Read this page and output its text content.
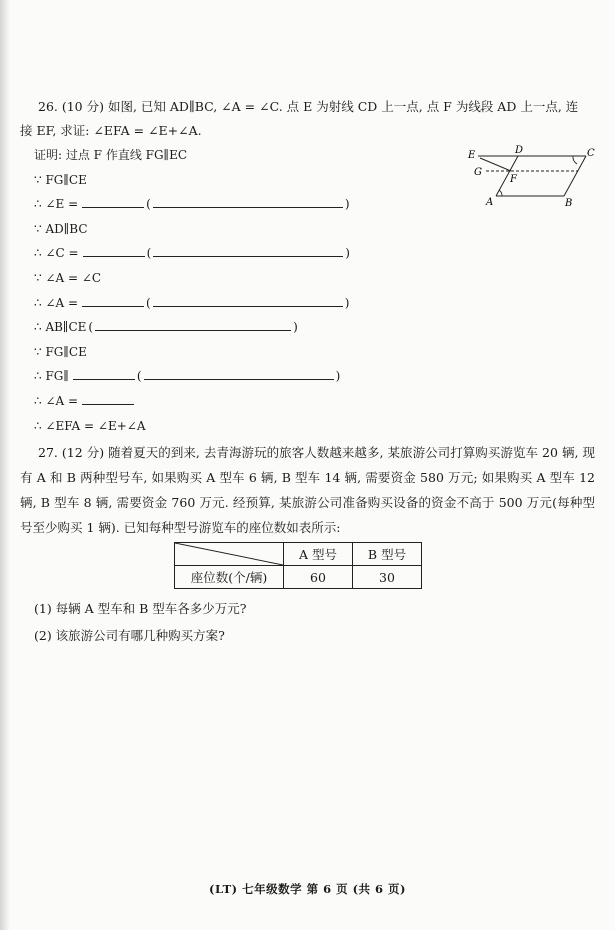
26. (10 分) 如图, 已知 AD∥BC, ∠A = ∠C. 点 E 为射线 CD 上一点, 点 F 为线段 AD 上一点, 连
接 EF, 求证: ∠EFA = ∠E+∠A.
证明: 过点 F 作直线 FG∥EC
∵ FG∥CE
∴ ∠E =	(	)
∵ AD∥BC
∴ ∠C =	(	)
∵ ∠A = ∠C
∴ ∠A =	(	)
∴ AB∥CE (	)
∵ FG∥CE
∴ FG∥	(	)
∴ ∠A =
∴ ∠EFA = ∠E+∠A
E	D	C
G
F
A	B
27. (12 分) 随着夏天的到来, 去青海游玩的旅客人数越来越多, 某旅游公司打算购买游览车 20 辆, 现有 A 和 B 两种型号车, 如果购买 A 型车 6 辆, B 型车 14 辆, 需要资金 580 万元; 如果购买 A 型车 12 辆, B 型车 8 辆, 需要资金 760 万元. 经预算, 某旅游公司准备购买设备的资金不高于 500 万元(每种型号至少购买 1 辆). 已知每种型号游览车的座位数如表所示:
	A 型号	B 型号
座位数(个/辆)	60	30
(1) 每辆 A 型车和 B 型车各多少万元?
(2) 该旅游公司有哪几种购买方案?
(LT) 七年级数学 第 6 页 (共 6 页)
